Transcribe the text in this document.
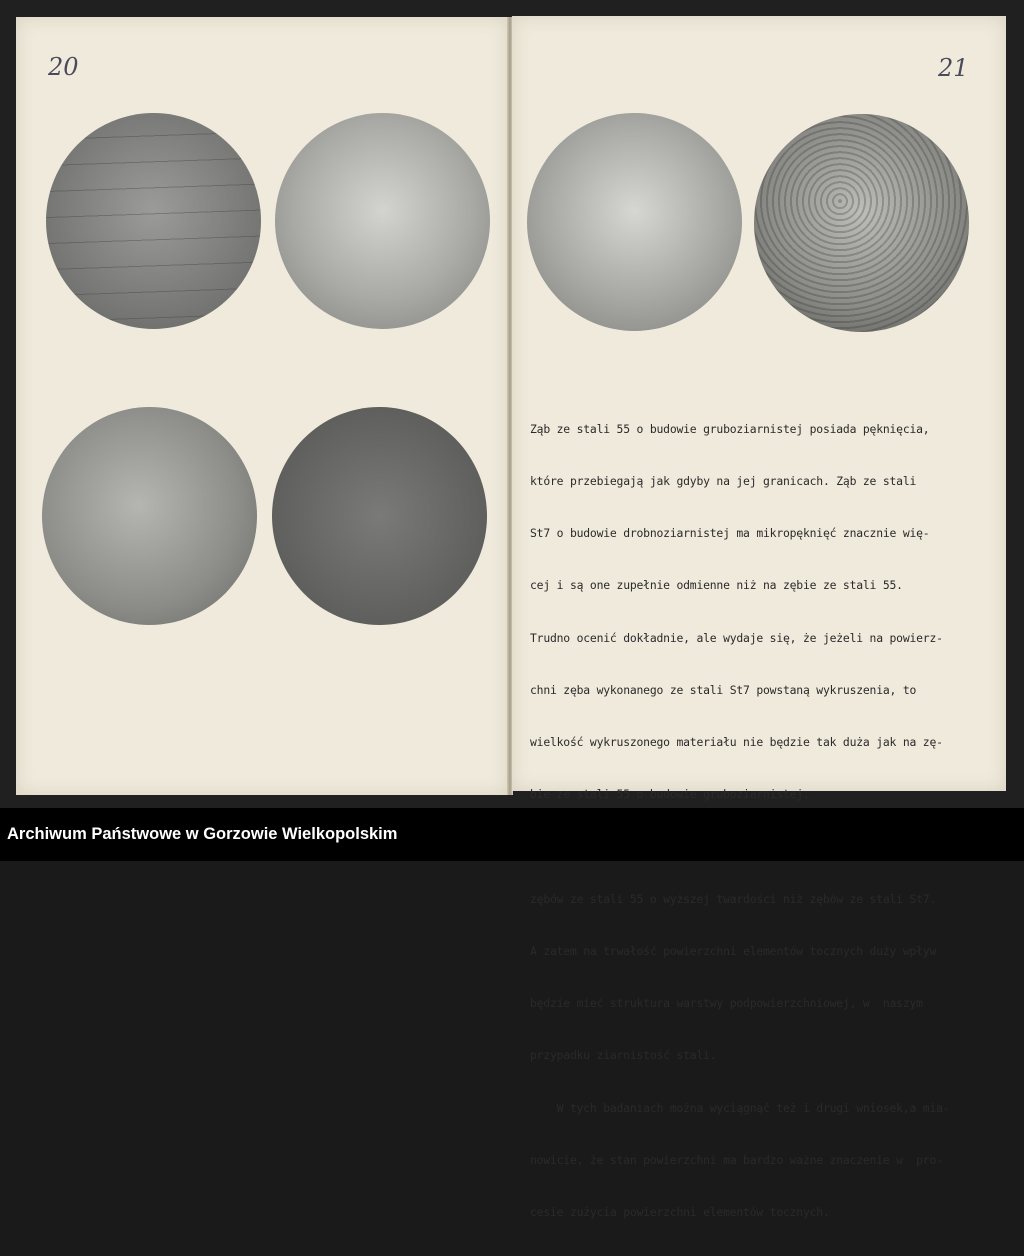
20	21

Ząb ze stali 55 o budowie gruboziarnistej posiada pęknięcia,

które przebiegają jak gdyby na jej granicach. Ząb ze stali

St7 o budowie drobnoziarnistej ma mikropęknięć znacznie wię-

cej i są one zupełnie odmienne niż na zębie ze stali 55.

Trudno ocenić dokładnie, ale wydaje się, że jeżeli na powierz-

chni zęba wykonanego ze stali St7 powstaną wykruszenia, to

wielkość wykruszonego materiału nie będzie tak duża jak na zę-

bie ze stali 55 o budowie gruboziarnistej.

zębów ze stali 55 o wyższej twardości niż zębów ze stali St7.

A zatem na trwałość powierzchni elementów tocznych duży wpływ

będzie mieć struktura warstwy podpowierzchniowej, w  naszym

przypadku ziarnistość stali.

W tych badaniach można wyciągnąć też i drugi wniosek,a mia-

nowicie, że stan powierzchni ma bardzo ważne znaczenie w  pro-

cesie zużycia powierzchni elementów tocznych.

Archiwum Państwowe w Gorzowie Wielkopolskim
